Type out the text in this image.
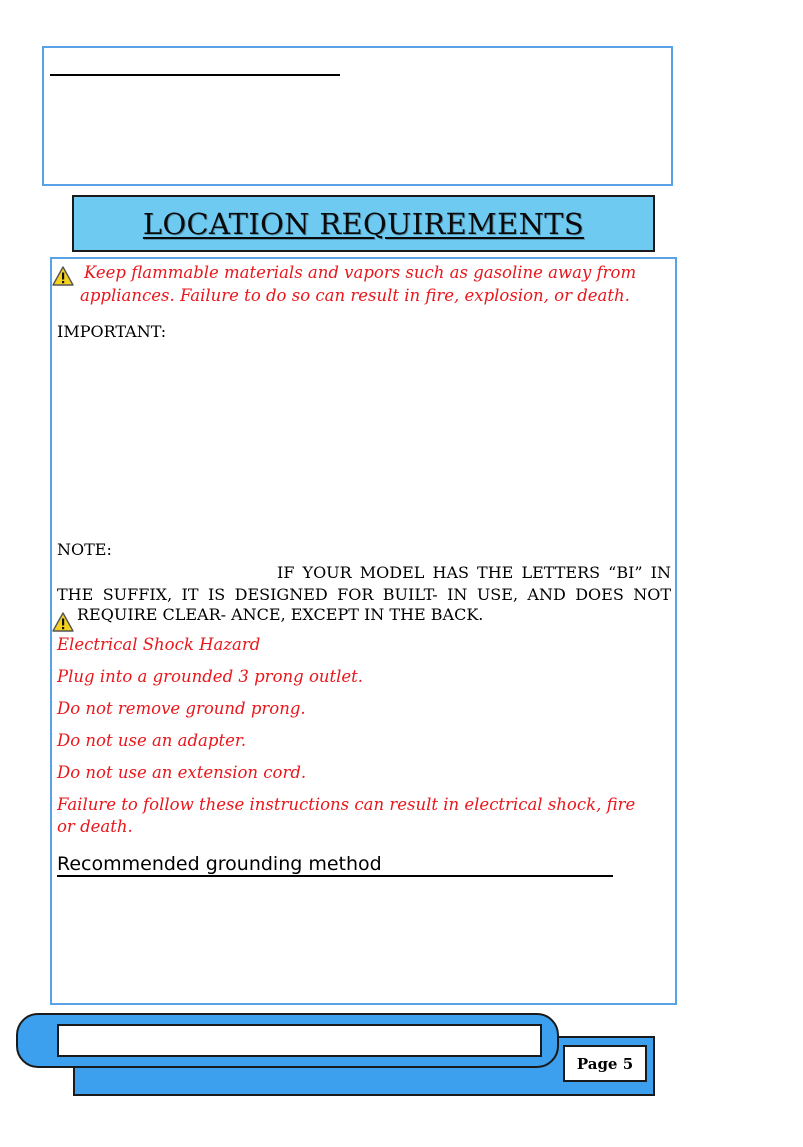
LOCATION REQUIREMENTS
Keep flammable materials and vapors such as gasoline away from
appliances. Failure to do so can result in fire, explosion, or death.
IMPORTANT:
NOTE:
IF YOUR MODEL HAS THE LETTERS “BI” IN
THE SUFFIX, IT IS DESIGNED FOR BUILT- IN USE, AND DOES NOT
REQUIRE CLEAR- ANCE, EXCEPT IN THE BACK.
Electrical Shock Hazard
Plug into a grounded 3 prong outlet.
Do not remove ground prong.
Do not use an adapter.
Do not use an extension cord.
Failure to follow these instructions can result in electrical shock, fire
or death.
Recommended grounding method
Page 5
